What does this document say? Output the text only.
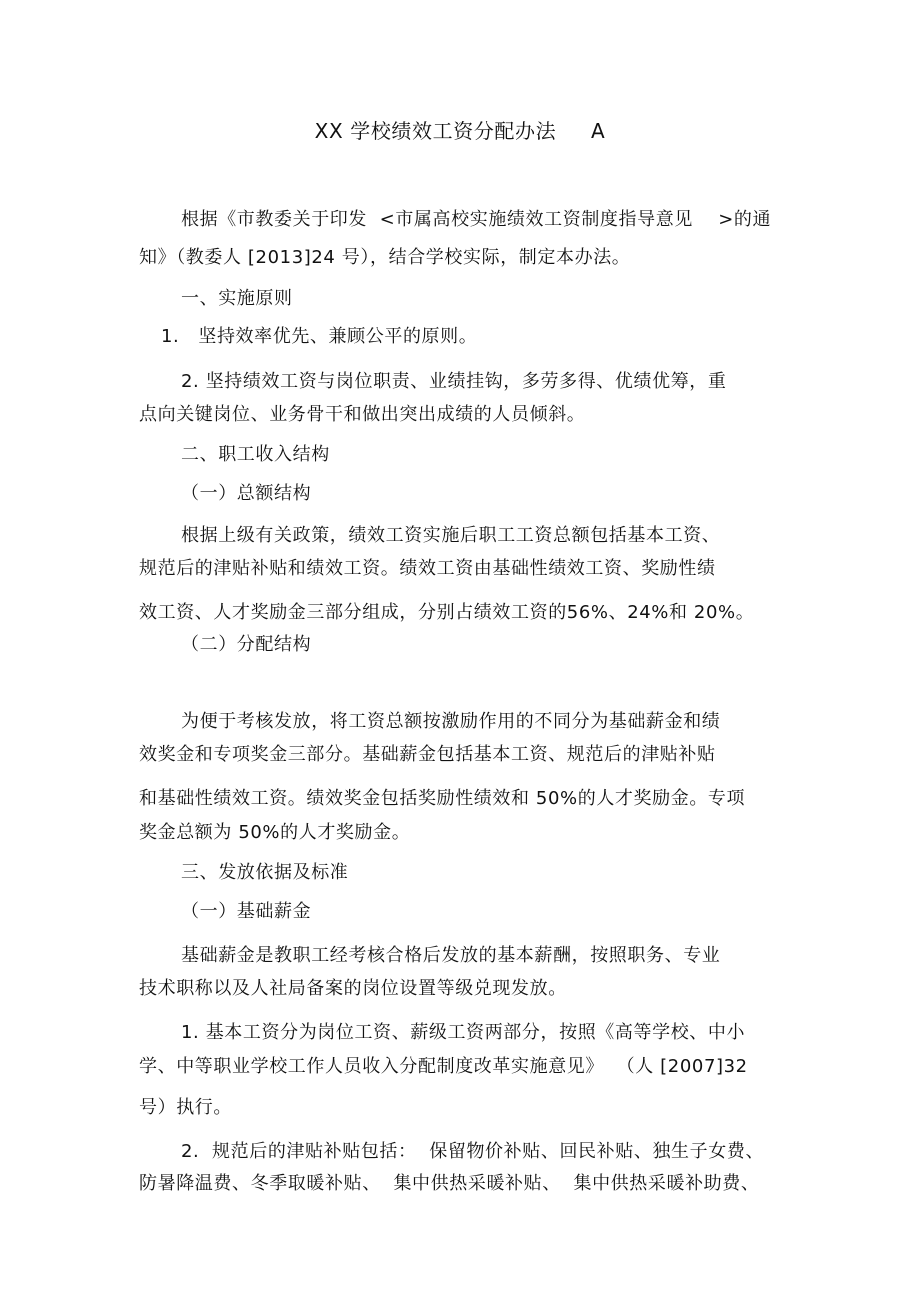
XX 学校绩效工资分配办法     A
根据《市教委关于印发  <市属高校实施绩效工资制度指导意见    >的通
知》（教委人 [2013]24 号），结合学校实际，制定本办法。
一、实施原则
1.   坚持效率优先、兼顾公平的原则。
2. 坚持绩效工资与岗位职责、业绩挂钩，多劳多得、优绩优筹，重
点向关键岗位、业务骨干和做出突出成绩的人员倾斜。
二、职工收入结构
（一）总额结构
根据上级有关政策，绩效工资实施后职工工资总额包括基本工资、
规范后的津贴补贴和绩效工资。绩效工资由基础性绩效工资、奖励性绩
效工资、人才奖励金三部分组成，分别占绩效工资的56%、24%和 20%。
（二）分配结构
为便于考核发放，将工资总额按激励作用的不同分为基础薪金和绩
效奖金和专项奖金三部分。基础薪金包括基本工资、规范后的津贴补贴
和基础性绩效工资。绩效奖金包括奖励性绩效和 50%的人才奖励金。专项
奖金总额为 50%的人才奖励金。
三、发放依据及标准
（一）基础薪金
基础薪金是教职工经考核合格后发放的基本薪酬，按照职务、专业
技术职称以及人社局备案的岗位设置等级兑现发放。
1. 基本工资分为岗位工资、薪级工资两部分，按照《高等学校、中小
学、中等职业学校工作人员收入分配制度改革实施意见》  （人 [2007]32
号）执行。
2.  规范后的津贴补贴包括：  保留物价补贴、回民补贴、独生子女费、
防暑降温费、冬季取暖补贴、  集中供热采暖补贴、  集中供热采暖补助费、
